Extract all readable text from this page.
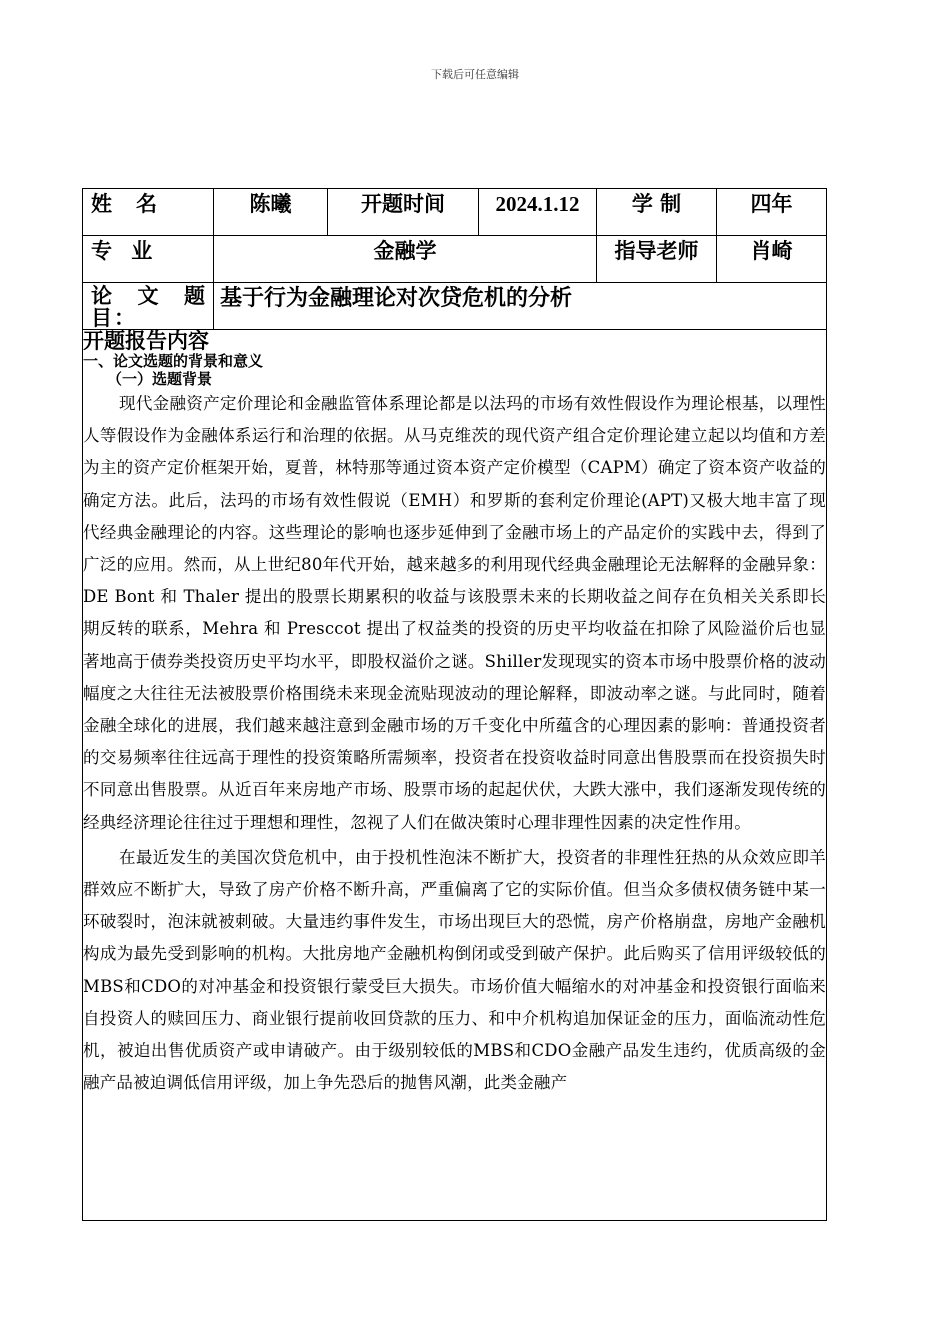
下载后可任意编辑
姓名	陈曦	开题时间	2024.1.12	学 制	四年

专 业	金融学			指导老师	肖崎

论文题
目：	基于行为金融理论对次贷危机的分析				

开题报告内容
一、论文选题的背景和意义
（一）选题背景

现代金融资产定价理论和金融监管体系理论都是以法玛的市场有效性假设作为理论根基，以理性人等假设作为金融体系运行和治理的依据。从马克维茨的现代资产组合定价理论建立起以均值和方差为主的资产定价框架开始，夏普，林特那等通过资本资产定价模型（CAPM）确定了资本资产收益的确定方法。此后，法玛的市场有效性假说（EMH）和罗斯的套利定价理论(APT)又极大地丰富了现代经典金融理论的内容。这些理论的影响也逐步延伸到了金融市场上的产品定价的实践中去，得到了广泛的应用。然而，从上世纪80年代开始，越来越多的利用现代经典金融理论无法解释的金融异象：DE Bont 和 Thaler 提出的股票长期累积的收益与该股票未来的长期收益之间存在负相关关系即长期反转的联系，Mehra 和 Presccot 提出了权益类的投资的历史平均收益在扣除了风险溢价后也显著地高于债券类投资历史平均水平，即股权溢价之谜。Shiller发现现实的资本市场中股票价格的波动幅度之大往往无法被股票价格围绕未来现金流贴现波动的理论解释，即波动率之谜。与此同时，随着金融全球化的进展，我们越来越注意到金融市场的万千变化中所蕴含的心理因素的影响：普通投资者的交易频率往往远高于理性的投资策略所需频率，投资者在投资收益时同意出售股票而在投资损失时不同意出售股票。从近百年来房地产市场、股票市场的起起伏伏，大跌大涨中，我们逐渐发现传统的经典经济理论往往过于理想和理性，忽视了人们在做决策时心理非理性因素的决定性作用。

在最近发生的美国次贷危机中，由于投机性泡沫不断扩大，投资者的非理性狂热的从众效应即羊群效应不断扩大，导致了房产价格不断升高，严重偏离了它的实际价值。但当众多债权债务链中某一环破裂时，泡沫就被刺破。大量违约事件发生，市场出现巨大的恐慌，房产价格崩盘，房地产金融机构成为最先受到影响的机构。大批房地产金融机构倒闭或受到破产保护。此后购买了信用评级较低的MBS和CDO的对冲基金和投资银行蒙受巨大损失。市场价值大幅缩水的对冲基金和投资银行面临来自投资人的赎回压力、商业银行提前收回贷款的压力、和中介机构追加保证金的压力，面临流动性危机，被迫出售优质资产或申请破产。由于级别较低的MBS和CDO金融产品发生违约，优质高级的金融产品被迫调低信用评级，加上争先恐后的抛售风潮，此类金融产					
